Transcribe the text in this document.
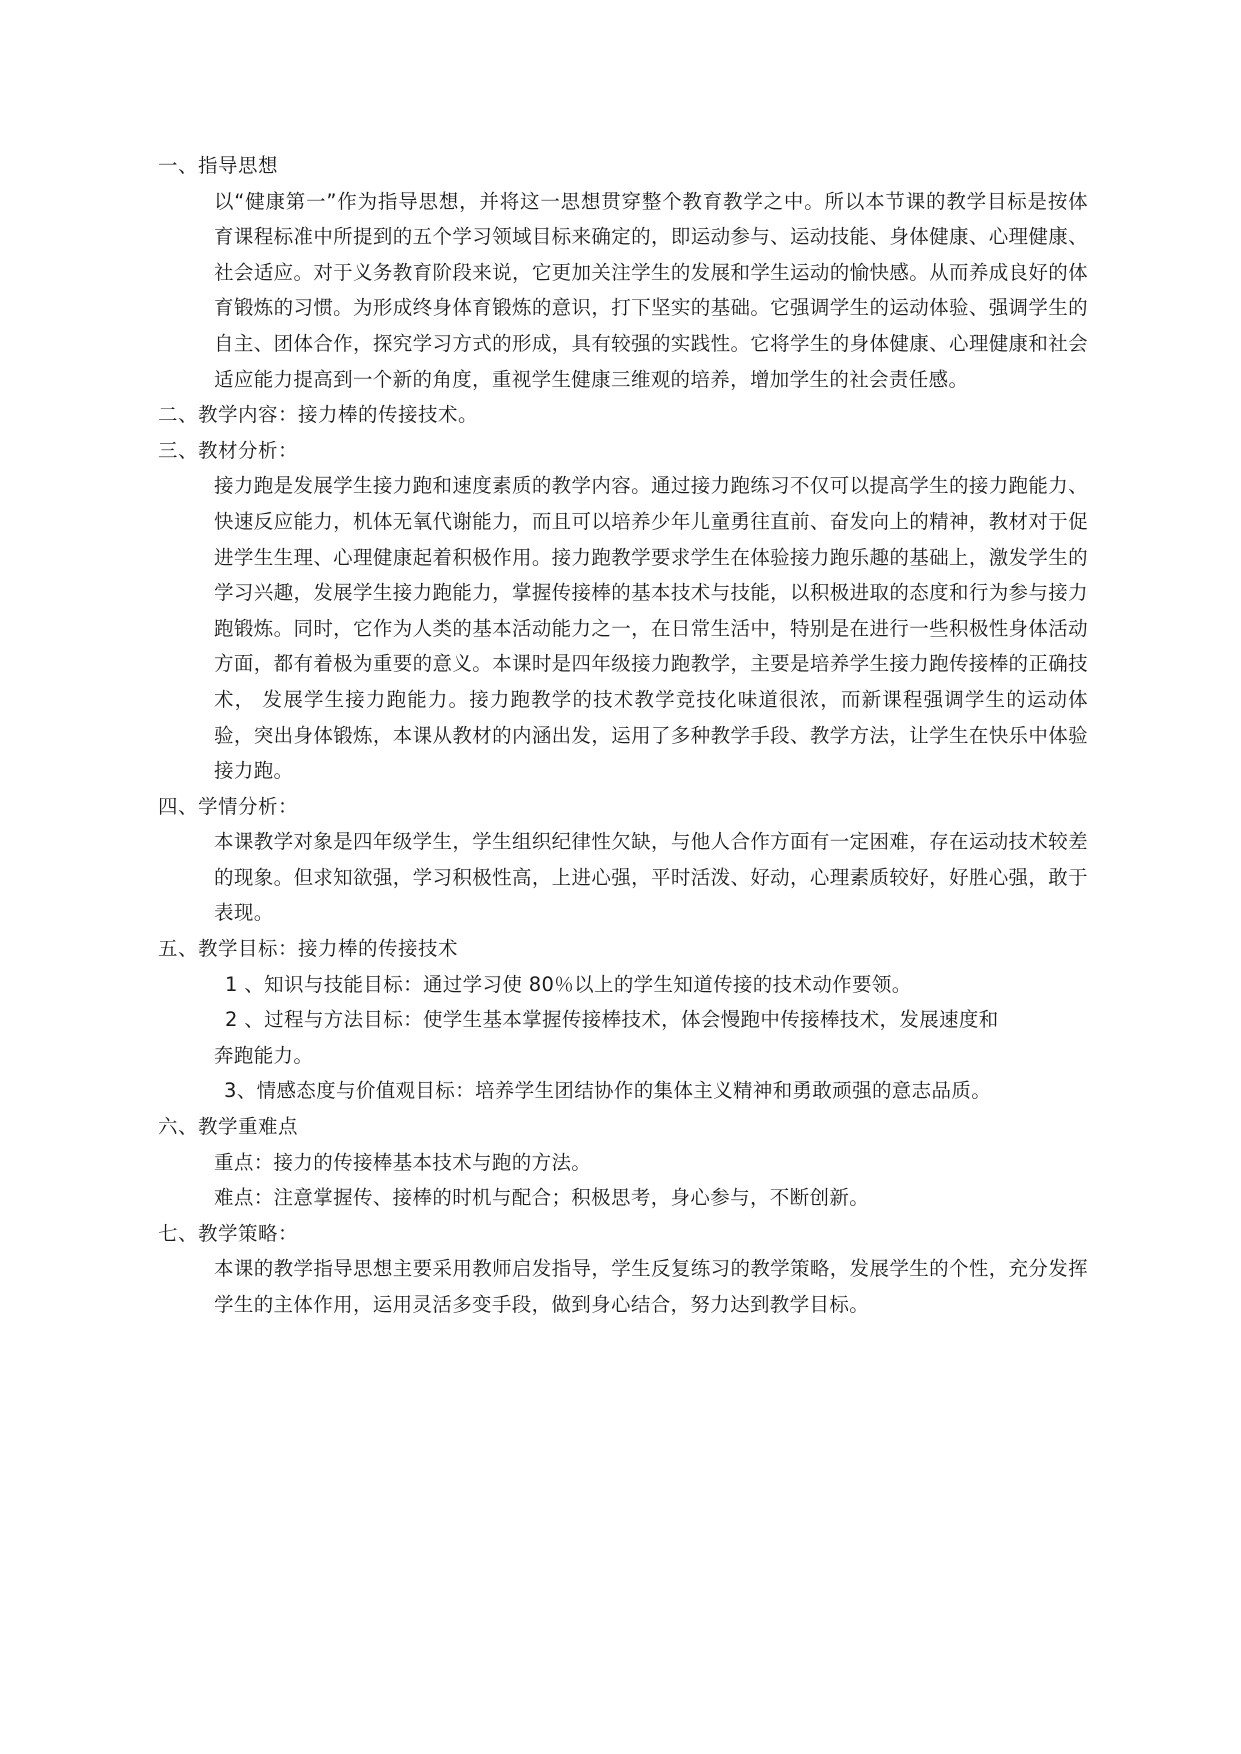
一、指导思想
以“健康第一”作为指导思想，并将这一思想贯穿整个教育教学之中。所以本节课的教学目标是按体育课程标准中所提到的五个学习领域目标来确定的，即运动参与、运动技能、身体健康、心理健康、社会适应。对于义务教育阶段来说，它更加关注学生的发展和学生运动的愉快感。从而养成良好的体育锻炼的习惯。为形成终身体育锻炼的意识，打下坚实的基础。它强调学生的运动体验、强调学生的自主、团体合作，探究学习方式的形成，具有较强的实践性。它将学生的身体健康、心理健康和社会适应能力提高到一个新的角度，重视学生健康三维观的培养，增加学生的社会责任感。
二、教学内容：接力棒的传接技术。
三、教材分析：
接力跑是发展学生接力跑和速度素质的教学内容。通过接力跑练习不仅可以提高学生的接力跑能力、快速反应能力，机体无氧代谢能力，而且可以培养少年儿童勇往直前、奋发向上的精神，教材对于促进学生生理、心理健康起着积极作用。接力跑教学要求学生在体验接力跑乐趣的基础上，激发学生的学习兴趣，发展学生接力跑能力，掌握传接棒的基本技术与技能，以积极进取的态度和行为参与接力跑锻炼。同时，它作为人类的基本活动能力之一，在日常生活中，特别是在进行一些积极性身体活动方面，都有着极为重要的意义。本课时是四年级接力跑教学，主要是培养学生接力跑传接棒的正确技术， 发展学生接力跑能力。接力跑教学的技术教学竞技化味道很浓，而新课程强调学生的运动体验，突出身体锻炼，本课从教材的内涵出发，运用了多种教学手段、教学方法，让学生在快乐中体验接力跑。
四、学情分析：
本课教学对象是四年级学生，学生组织纪律性欠缺，与他人合作方面有一定困难，存在运动技术较差的现象。但求知欲强，学习积极性高，上进心强，平时活泼、好动，心理素质较好，好胜心强，敢于表现。
五、教学目标：接力棒的传接技术
1 、知识与技能目标：通过学习使 80％以上的学生知道传接的技术动作要领。
2 、过程与方法目标：使学生基本掌握传接棒技术，体会慢跑中传接棒技术，发展速度和
奔跑能力。
3、情感态度与价值观目标：培养学生团结协作的集体主义精神和勇敢顽强的意志品质。
六、教学重难点
重点：接力的传接棒基本技术与跑的方法。
难点：注意掌握传、接棒的时机与配合；积极思考，身心参与，不断创新。
七、教学策略：
本课的教学指导思想主要采用教师启发指导，学生反复练习的教学策略，发展学生的个性，充分发挥学生的主体作用，运用灵活多变手段，做到身心结合，努力达到教学目标。
